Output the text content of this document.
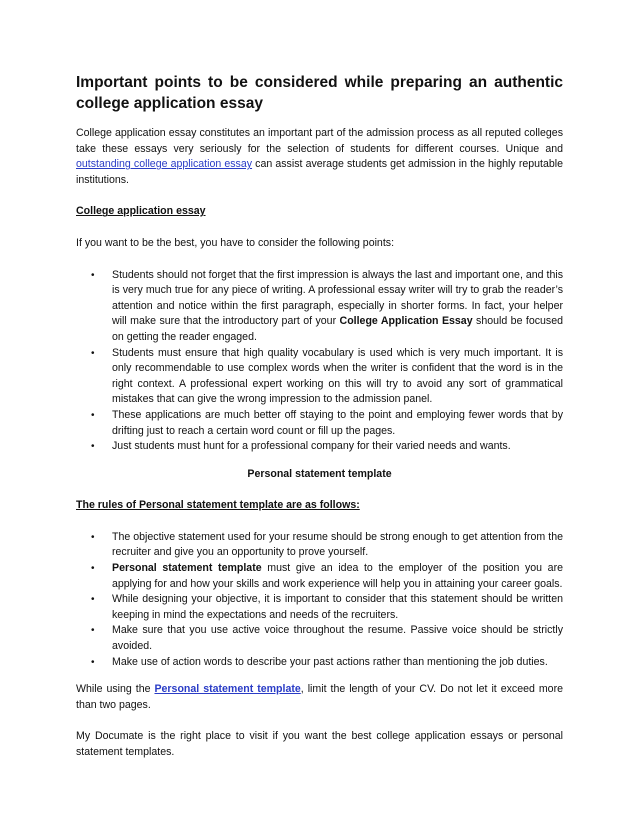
Important points to be considered while preparing an authentic college application essay

College application essay constitutes an important part of the admission process as all reputed colleges take these essays very seriously for the selection of students for different courses. Unique and outstanding college application essay can assist average students get admission in the highly reputable institutions.

College application essay

If you want to be the best, you have to consider the following points:

• Students should not forget that the first impression is always the last and important one, and this is very much true for any piece of writing. A professional essay writer will try to grab the reader’s attention and notice within the first paragraph, especially in shorter forms. In fact, your helper will make sure that the introductory part of your College Application Essay should be focused on getting the reader engaged.
• Students must ensure that high quality vocabulary is used which is very much important. It is only recommendable to use complex words when the writer is confident that the word is in the right context. A professional expert working on this will try to avoid any sort of grammatical mistakes that can give the wrong impression to the admission panel.
• These applications are much better off staying to the point and employing fewer words that by drifting just to reach a certain word count or fill up the pages.
• Just students must hunt for a professional company for their varied needs and wants.

Personal statement template

The rules of Personal statement template are as follows:

• The objective statement used for your resume should be strong enough to get attention from the recruiter and give you an opportunity to prove yourself.
• Personal statement template must give an idea to the employer of the position you are applying for and how your skills and work experience will help you in attaining your career goals.
• While designing your objective, it is important to consider that this statement should be written keeping in mind the expectations and needs of the recruiters.
• Make sure that you use active voice throughout the resume. Passive voice should be strictly avoided.
• Make use of action words to describe your past actions rather than mentioning the job duties.

While using the Personal statement template, limit the length of your CV. Do not let it exceed more than two pages.

My Documate is the right place to visit if you want the best college application essays or personal statement templates.
